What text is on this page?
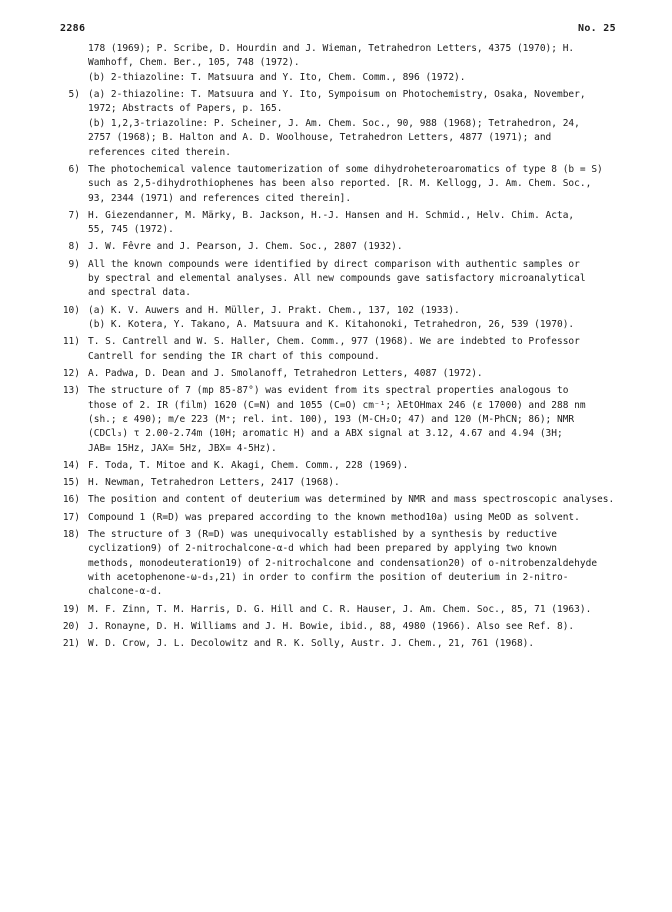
2286	No. 25
178 (1969); P. Scribe, D. Hourdin and J. Wieman, Tetrahedron Letters, 4375 (1970); H.
Wamhoff, Chem. Ber., 105, 748 (1972).
(b) 2-thiazoline: T. Matsuura and Y. Ito, Chem. Comm., 896 (1972).
5) (a) 2-thiazoline: T. Matsuura and Y. Ito, Sympoisum on Photochemistry, Osaka, November,
1972; Abstracts of Papers, p. 165.
(b) 1,2,3-triazoline: P. Scheiner, J. Am. Chem. Soc., 90, 988 (1968); Tetrahedron, 24,
2757 (1968); B. Halton and A. D. Woolhouse, Tetrahedron Letters, 4877 (1971); and
references cited therein.
6) The photochemical valence tautomerization of some dihydroheteroaromatics of type 8 (b = S)
such as 2,5-dihydrothiophenes has been also reported. [R. M. Kellogg, J. Am. Chem. Soc.,
93, 2344 (1971) and references cited therein].
7) H. Giezendanner, M. Märky, B. Jackson, H.-J. Hansen and H. Schmid., Helv. Chim. Acta,
55, 745 (1972).
8) J. W. Fêvre and J. Pearson, J. Chem. Soc., 2807 (1932).
9) All the known compounds were identified by direct comparison with authentic samples or
by spectral and elemental analyses. All new compounds gave satisfactory microanalytical
and spectral data.
10) (a) K. V. Auwers and H. Müller, J. Prakt. Chem., 137, 102 (1933).
(b) K. Kotera, Y. Takano, A. Matsuura and K. Kitahonoki, Tetrahedron, 26, 539 (1970).
11) T. S. Cantrell and W. S. Haller, Chem. Comm., 977 (1968). We are indebted to Professor
Cantrell for sending the IR chart of this compound.
12) A. Padwa, D. Dean and J. Smolanoff, Tetrahedron Letters, 4087 (1972).
13) The structure of 7 (mp 85-87°) was evident from its spectral properties analogous to
those of 2. IR (film) 1620 (C=N) and 1055 (C=O) cm⁻¹; λEtOHmax 246 (ε 17000) and 288 nm
(sh.; ε 490); m/e 223 (M⁺; rel. int. 100), 193 (M-CH₂O; 47) and 120 (M-PhCN; 86); NMR
(CDCl₃) τ 2.00-2.74m (10H; aromatic H) and a ABX signal at 3.12, 4.67 and 4.94 (3H;
JAB= 15Hz, JAX= 5Hz, JBX= 4-5Hz).
14) F. Toda, T. Mitoe and K. Akagi, Chem. Comm., 228 (1969).
15) H. Newman, Tetrahedron Letters, 2417 (1968).
16) The position and content of deuterium was determined by NMR and mass spectroscopic analyses.
17) Compound 1 (R=D) was prepared according to the known method10a) using MeOD as solvent.
18) The structure of 3 (R=D) was unequivocally established by a synthesis by reductive
cyclization9) of 2-nitrochalcone-α-d which had been prepared by applying two known
methods, monodeuteration19) of 2-nitrochalcone and condensation20) of o-nitrobenzaldehyde
with acetophenone-ω-d₃,21) in order to confirm the position of deuterium in 2-nitro-
chalcone-α-d.
19) M. F. Zinn, T. M. Harris, D. G. Hill and C. R. Hauser, J. Am. Chem. Soc., 85, 71 (1963).
20) J. Ronayne, D. H. Williams and J. H. Bowie, ibid., 88, 4980 (1966). Also see Ref. 8).
21) W. D. Crow, J. L. Decolowitz and R. K. Solly, Austr. J. Chem., 21, 761 (1968).
